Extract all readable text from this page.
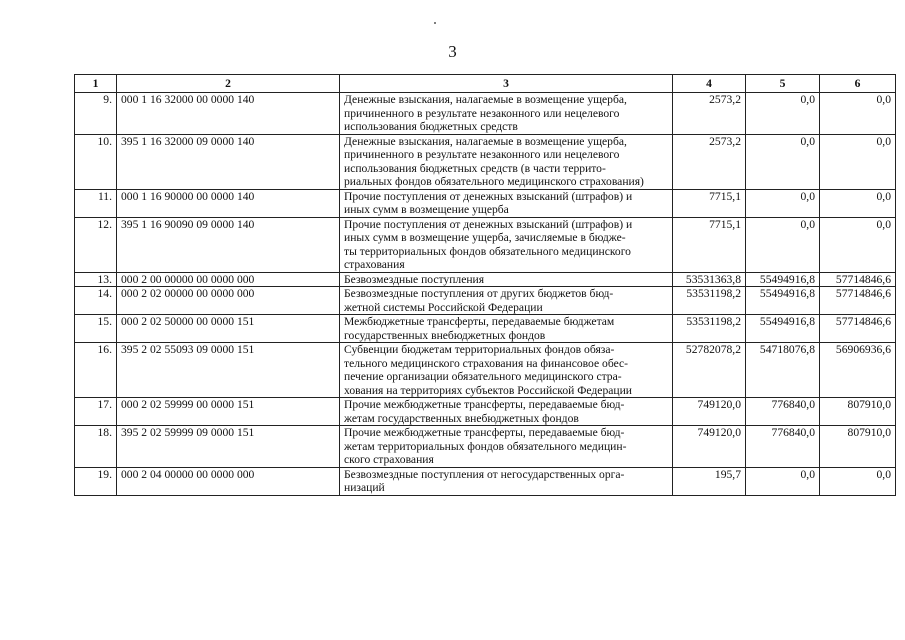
3
1	2	3	4	5	6
9.	000 1 16 32000 00 0000 140	Денежные взыскания, налагаемые в возмещение ущерба,
причиненного в результате незаконного или нецелевого
использования бюджетных средств	2573,2	0,0	0,0
10.	395 1 16 32000 09 0000 140	Денежные взыскания, налагаемые в возмещение ущерба,
причиненного в результате незаконного или нецелевого
использования бюджетных средств (в части террито-
риальных фондов обязательного медицинского страхования)	2573,2	0,0	0,0
11.	000 1 16 90000 00 0000 140	Прочие поступления от денежных взысканий (штрафов) и
иных сумм в возмещение ущерба	7715,1	0,0	0,0
12.	395 1 16 90090 09 0000 140	Прочие поступления от денежных взысканий (штрафов) и
иных сумм в возмещение ущерба, зачисляемые в бюдже-
ты территориальных фондов обязательного медицинского
страхования	7715,1	0,0	0,0
13.	000 2 00 00000 00 0000 000	Безвозмездные поступления	53531363,8	55494916,8	57714846,6
14.	000 2 02 00000 00 0000 000	Безвозмездные поступления от других бюджетов бюд-
жетной системы Российской Федерации	53531198,2	55494916,8	57714846,6
15.	000 2 02 50000 00 0000 151	Межбюджетные трансферты, передаваемые бюджетам
государственных внебюджетных фондов	53531198,2	55494916,8	57714846,6
16.	395 2 02 55093 09 0000 151	Субвенции бюджетам территориальных фондов обяза-
тельного медицинского страхования на финансовое обес-
печение организации обязательного медицинского стра-
хования на территориях субъектов Российской Федерации	52782078,2	54718076,8	56906936,6
17.	000 2 02 59999 00 0000 151	Прочие межбюджетные трансферты, передаваемые бюд-
жетам государственных внебюджетных фондов	749120,0	776840,0	807910,0
18.	395 2 02 59999 09 0000 151	Прочие межбюджетные трансферты, передаваемые бюд-
жетам территориальных фондов обязательного медицин-
ского страхования	749120,0	776840,0	807910,0
19.	000 2 04 00000 00 0000 000	Безвозмездные поступления от негосударственных орга-
низаций	195,7	0,0	0,0
